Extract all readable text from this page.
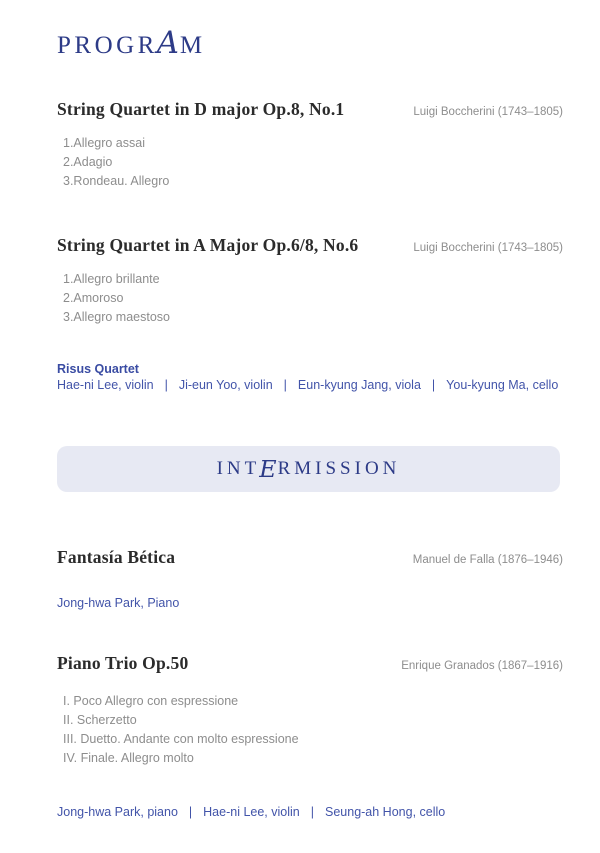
PROGRAM
String Quartet in D major Op.8, No.1	Luigi Boccherini (1743–1805)
1.Allegro assai
2.Adagio
3.Rondeau. Allegro
String Quartet in A Major Op.6/8, No.6	Luigi Boccherini (1743–1805)
1.Allegro brillante
2.Amoroso
3.Allegro maestoso
Risus Quartet
Hae-ni Lee, violin | Ji-eun Yoo, violin | Eun-kyung Jang, viola | You-kyung Ma, cello
INT E RMISSION
Fantasía Bética	Manuel de Falla (1876–1946)
Jong-hwa Park, Piano
Piano Trio Op.50	Enrique Granados (1867–1916)
I. Poco Allegro con espressione
II. Scherzetto
III. Duetto. Andante con molto espressione
IV. Finale. Allegro molto
Jong-hwa Park, piano | Hae-ni Lee, violin | Seung-ah Hong, cello
